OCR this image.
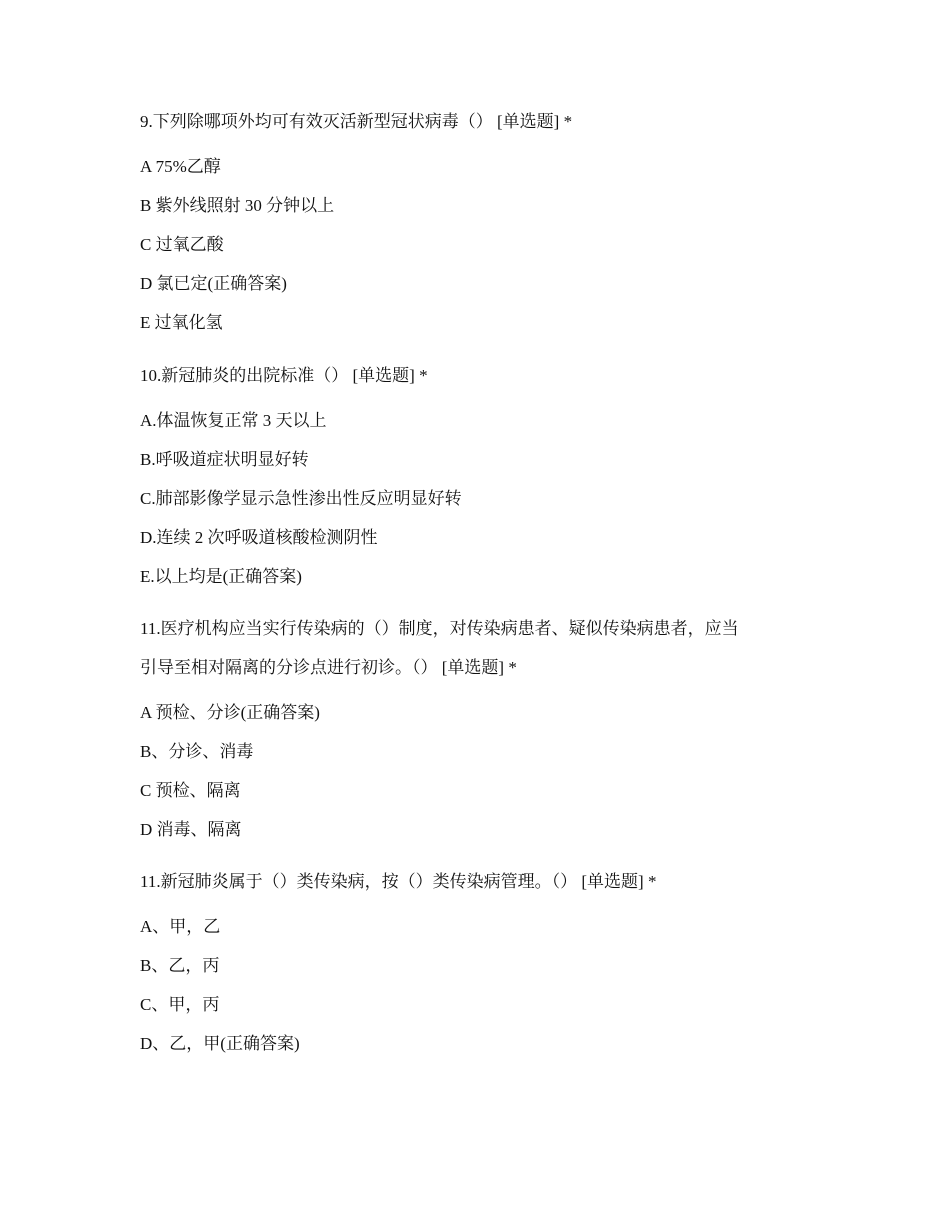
9.下列除哪项外均可有效灭活新型冠状病毒（） [单选题] *

A 75%乙醇

B 紫外线照射 30 分钟以上

C 过氧乙酸

D 氯已定(正确答案)

E 过氧化氢

10.新冠肺炎的出院标准（） [单选题] *

A.体温恢复正常 3 天以上

B.呼吸道症状明显好转

C.肺部影像学显示急性渗出性反应明显好转

D.连续 2 次呼吸道核酸检测阴性

E.以上均是(正确答案)

11.医疗机构应当实行传染病的（）制度，对传染病患者、疑似传染病患者，应当

引导至相对隔离的分诊点进行初诊。（） [单选题] *

A 预检、分诊(正确答案)

B、分诊、消毒

C 预检、隔离

D 消毒、隔离

11.新冠肺炎属于（）类传染病，按（）类传染病管理。（） [单选题] *

A、甲，乙

B、乙，丙

C、甲，丙

D、乙，甲(正确答案)
